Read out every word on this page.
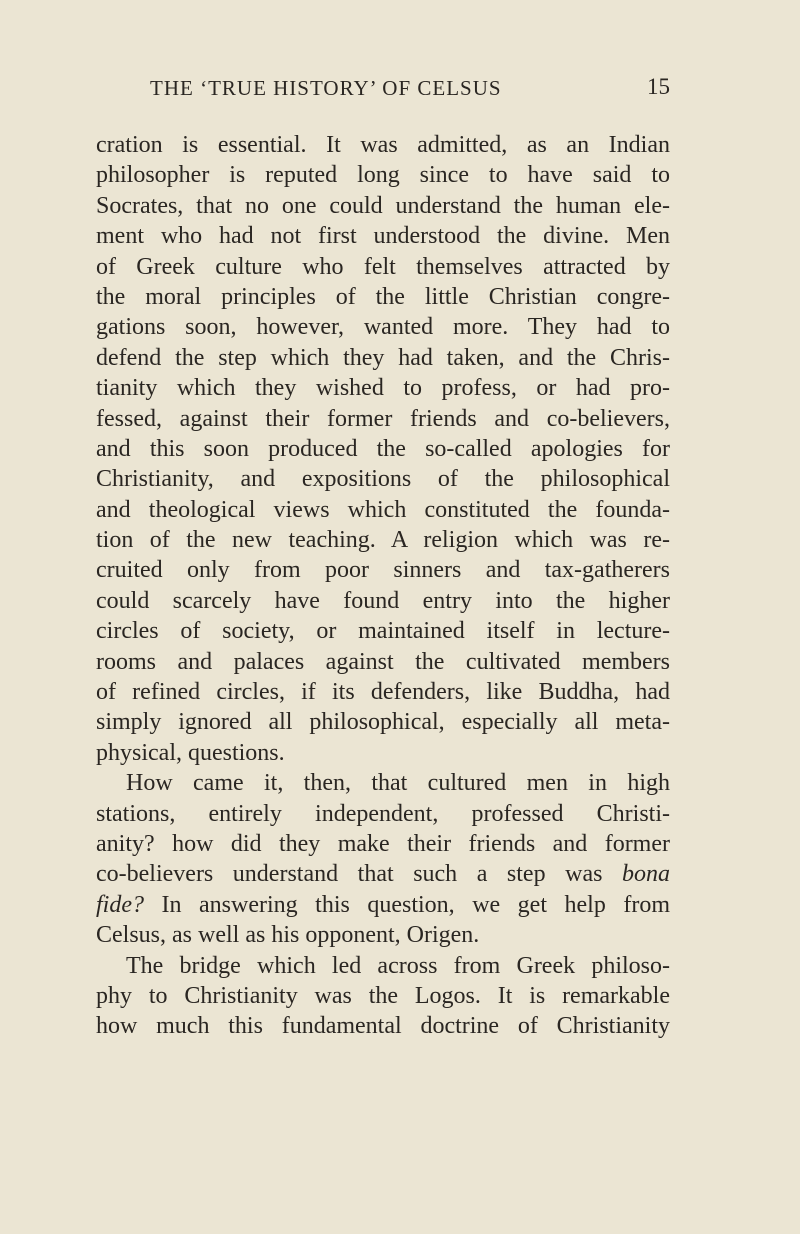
THE ‘TRUE HISTORY’ OF CELSUS	15
cration is essential. It was admitted, as an Indian
philosopher is reputed long since to have said to
Socrates, that no one could understand the human ele-
ment who had not first understood the divine. Men
of Greek culture who felt themselves attracted by
the moral principles of the little Christian congre-
gations soon, however, wanted more. They had to
defend the step which they had taken, and the Chris-
tianity which they wished to profess, or had pro-
fessed, against their former friends and co-believers,
and this soon produced the so-called apologies for
Christianity, and expositions of the philosophical
and theological views which constituted the founda-
tion of the new teaching. A religion which was re-
cruited only from poor sinners and tax-gatherers
could scarcely have found entry into the higher
circles of society, or maintained itself in lecture-
rooms and palaces against the cultivated members
of refined circles, if its defenders, like Buddha, had
simply ignored all philosophical, especially all meta-
physical, questions.
How came it, then, that cultured men in high
stations, entirely independent, professed Christi-
anity? how did they make their friends and former
co-believers understand that such a step was bona
fide? In answering this question, we get help from
Celsus, as well as his opponent, Origen.
The bridge which led across from Greek philoso-
phy to Christianity was the Logos. It is remarkable
how much this fundamental doctrine of Christianity
